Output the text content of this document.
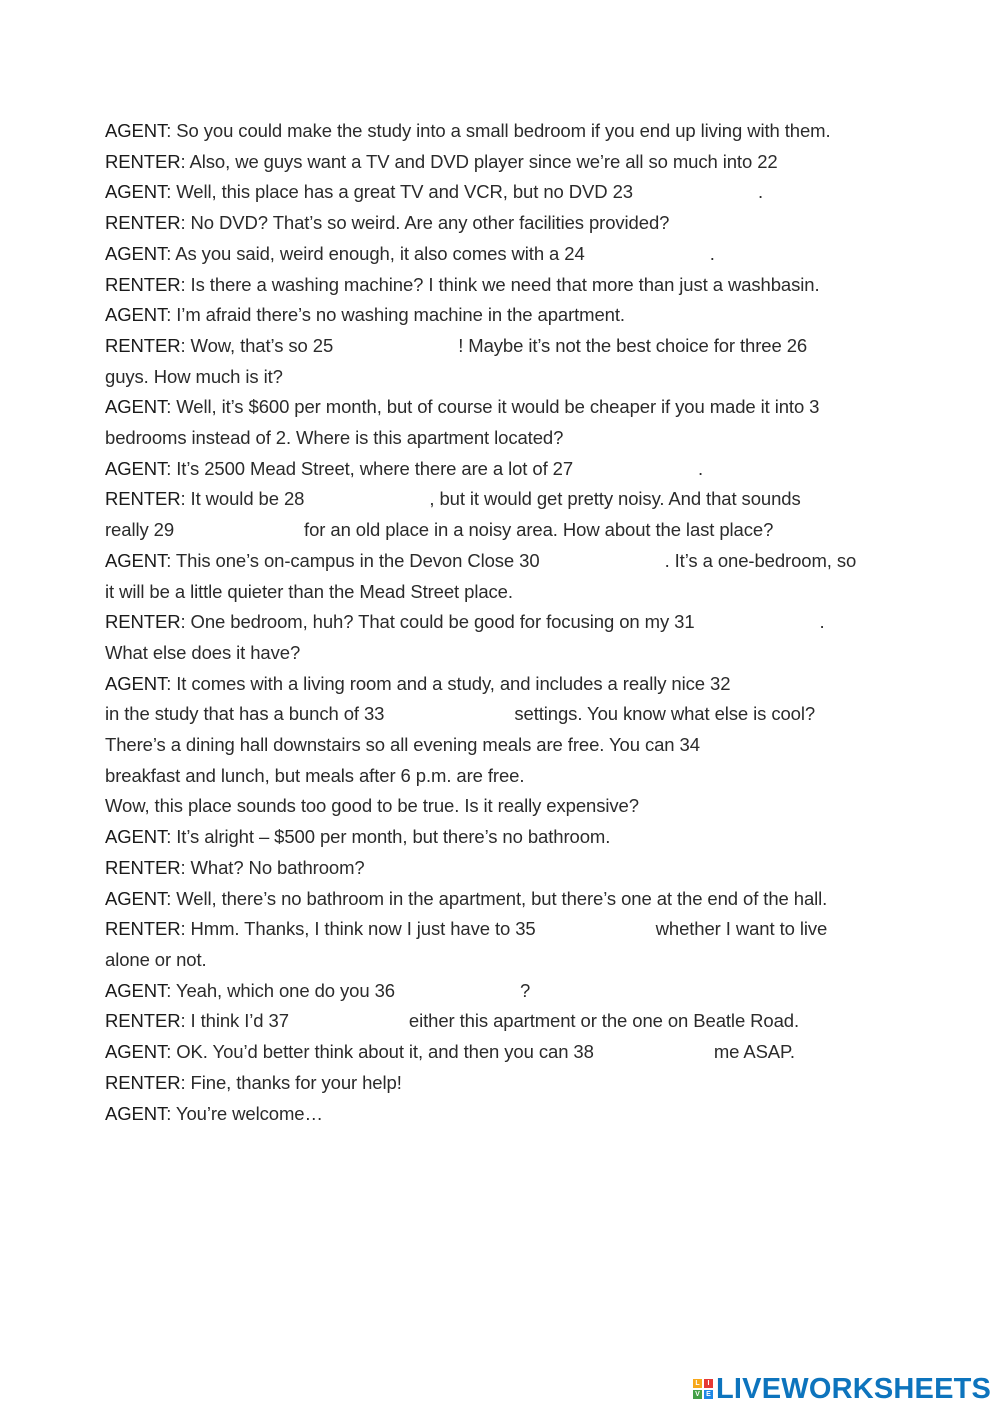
AGENT: So you could make the study into a small bedroom if you end up living with them.
RENTER: Also, we guys want a TV and DVD player since we’re all so much into 22
AGENT: Well, this place has a great TV and VCR, but no DVD 23	.
RENTER: No DVD? That’s so weird. Are any other facilities provided?
AGENT: As you said, weird enough, it also comes with a 24	.
RENTER: Is there a washing machine? I think we need that more than just a washbasin.
AGENT: I’m afraid there’s no washing machine in the apartment.
RENTER: Wow, that’s so 25	! Maybe it’s not the best choice for three 26
guys. How much is it?
AGENT: Well, it’s $600 per month, but of course it would be cheaper if you made it into 3
bedrooms instead of 2. Where is this apartment located?
AGENT: It’s 2500 Mead Street, where there are a lot of 27	.
RENTER: It would be 28	, but it would get pretty noisy. And that sounds
really 29	for an old place in a noisy area. How about the last place?
AGENT: This one’s on-campus in the Devon Close 30	. It’s a one-bedroom, so
it will be a little quieter than the Mead Street place.
RENTER: One bedroom, huh? That could be good for focusing on my 31	.
What else does it have?
AGENT: It comes with a living room and a study, and includes a really nice 32
in the study that has a bunch of 33	settings. You know what else is cool?
There’s a dining hall downstairs so all evening meals are free. You can 34
breakfast and lunch, but meals after 6 p.m. are free.
Wow, this place sounds too good to be true. Is it really expensive?
AGENT: It’s alright – $500 per month, but there’s no bathroom.
RENTER: What? No bathroom?
AGENT: Well, there’s no bathroom in the apartment, but there’s one at the end of the hall.
RENTER: Hmm. Thanks, I think now I just have to 35	whether I want to live
alone or not.
AGENT: Yeah, which one do you 36	?
RENTER: I think I’d 37	either this apartment or the one on Beatle Road.
AGENT: OK. You’d better think about it, and then you can 38	me ASAP.
RENTER: Fine, thanks for your help!
AGENT: You’re welcome…
L	I
V E LIVEWORKSHEETS
